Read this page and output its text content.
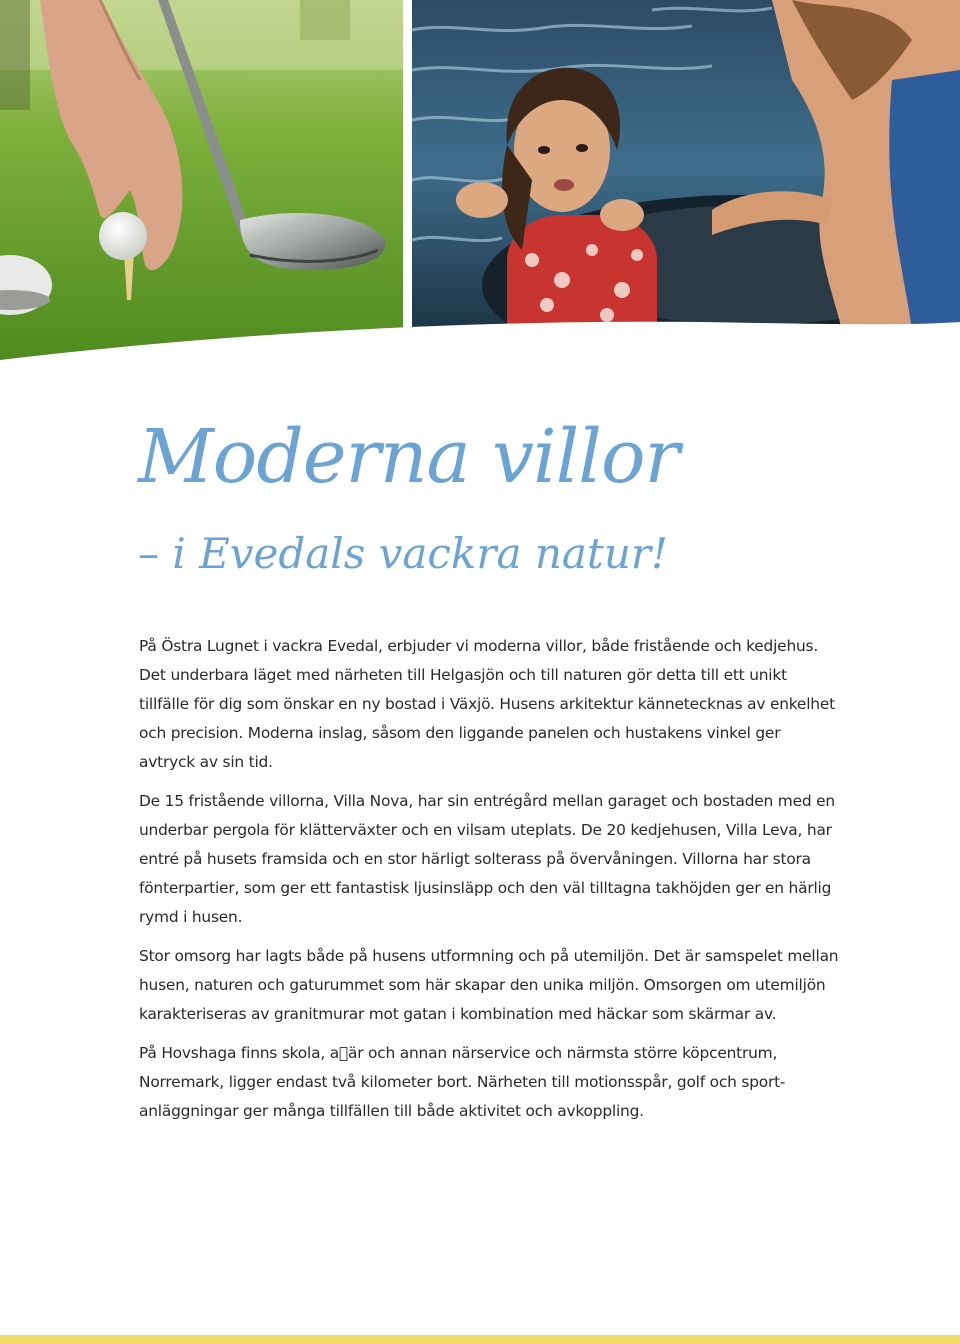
Moderna villor
– i Evedals vackra natur!

På Östra Lugnet i vackra Evedal, erbjuder vi moderna villor, både fristående och kedjehus. Det underbara läget med närheten till Helgasjön och till naturen gör detta till ett unikt tillfälle för dig som önskar en ny bostad i Växjö. Husens arkitektur kännetecknas av enkelhet och precision. Moderna inslag, såsom den liggande panelen och hustakens vinkel ger avtryck av sin tid.

De 15 fristående villorna, Villa Nova, har sin entrégård mellan garaget och bostaden med en underbar pergola för klätterväxter och en vilsam uteplats. De 20 kedjehusen, Villa Leva, har entré på husets framsida och en stor härligt solterass på övervåningen. Villorna har stora fönterpartier, som ger ett fantastisk ljusinsläpp och den väl tilltagna takhöjden ger en härlig rymd i husen.

Stor omsorg har lagts både på husens utformning och på utemiljön. Det är samspelet mellan husen, naturen och gaturummet som här skapar den unika miljön. Omsorgen om utemiljön karakteriseras av granitmurar mot gatan i kombination med häckar som skärmar av.

På Hovshaga finns skola, a är och annan närservice och närmsta större köpcentrum, Norremark, ligger endast två kilometer bort. Närheten till motionsspår, golf och sport-anläggningar ger många tillfällen till både aktivitet och avkoppling.
